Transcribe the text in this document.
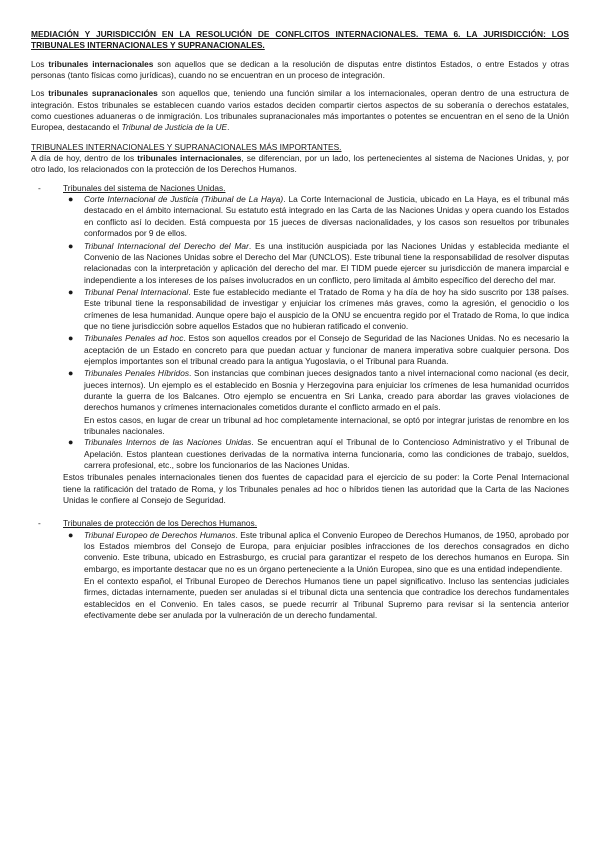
MEDIACIÓN Y JURISDICCIÓN EN LA RESOLUCIÓN DE CONFLCITOS INTERNACIONALES. TEMA 6. LA JURISDICCIÓN: LOS TRIBUNALES INTERNACIONALES Y SUPRANACIONALES.

Los tribunales internacionales son aquellos que se dedican a la resolución de disputas entre distintos Estados, o entre Estados y otras personas (tanto físicas como jurídicas), cuando no se encuentran en un proceso de integración.

Los tribunales supranacionales son aquellos que, teniendo una función similar a los internacionales, operan dentro de una estructura de integración. Estos tribunales se establecen cuando varios estados deciden compartir ciertos aspectos de su soberanía o derechos estatales, como cuestiones aduaneras o de inmigración. Los tribunales supranacionales más importantes o potentes se encuentran en el seno de la Unión Europea, destacando el Tribunal de Justicia de la UE.

TRIBUNALES INTERNACIONALES Y SUPRANACIONALES MÁS IMPORTANTES.

A día de hoy, dentro de los tribunales internacionales, se diferencian, por un lado, los pertenecientes al sistema de Naciones Unidas, y, por otro lado, los relacionados con la protección de los Derechos Humanos.

-	Tribunales del sistema de Naciones Unidas.
● Corte Internacional de Justicia (Tribunal de La Haya). La Corte Internacional de Justicia, ubicado en La Haya, es el tribunal más destacado en el ámbito internacional. Su estatuto está integrado en las Carta de las Naciones Unidas y opera cuando los Estados en conflicto así lo deciden. Está compuesta por 15 jueces de diversas nacionalidades, y los casos son resueltos por tribunales conformados por 9 de ellos.
● Tribunal Internacional del Derecho del Mar. Es una institución auspiciada por las Naciones Unidas y establecida mediante el Convenio de las Naciones Unidas sobre el Derecho del Mar (UNCLOS). Este tribunal tiene la responsabilidad de resolver disputas relacionadas con la interpretación y aplicación del derecho del mar. El TIDM puede ejercer su jurisdicción de manera imparcial e independiente a los intereses de los países involucrados en un conflicto, pero limitada al ámbito específico del derecho del mar.
● Tribunal Penal Internacional. Este fue establecido mediante el Tratado de Roma y ha día de hoy ha sido suscrito por 138 países. Este tribunal tiene la responsabilidad de investigar y enjuiciar los crímenes más graves, como la agresión, el genocidio o los crímenes de lesa humanidad. Aunque opere bajo el auspicio de la ONU se encuentra regido por el Tratado de Roma, lo que indica que no tiene jurisdicción sobre aquellos Estados que no hubieran ratificado el convenio.
● Tribunales Penales ad hoc. Estos son aquellos creados por el Consejo de Seguridad de las Naciones Unidas. No es necesario la aceptación de un Estado en concreto para que puedan actuar y funcionar de manera imperativa sobre cualquier persona. Dos ejemplos importantes son el tribunal creado para la antigua Yugoslavia, o el Tribunal para Ruanda.
● Tribunales Penales Híbridos. Son instancias que combinan jueces designados tanto a nivel internacional como nacional (es decir, jueces internos). Un ejemplo es el establecido en Bosnia y Herzegovina para enjuiciar los crímenes de lesa humanidad ocurridos durante la guerra de los Balcanes. Otro ejemplo se encuentra en Sri Lanka, creado para abordar las graves violaciones de derechos humanos y crímenes internacionales cometidos durante el conflicto armado en el país.
En estos casos, en lugar de crear un tribunal ad hoc completamente internacional, se optó por integrar juristas de renombre en los tribunales nacionales.
● Tribunales Internos de las Naciones Unidas. Se encuentran aquí el Tribunal de lo Contencioso Administrativo y el Tribunal de Apelación. Estos plantean cuestiones derivadas de la normativa interna funcionaria, como las condiciones de trabajo, sueldos, carrera profesional, etc., sobre los funcionarios de las Naciones Unidas.
Estos tribunales penales internacionales tienen dos fuentes de capacidad para el ejercicio de su poder: la Corte Penal Internacional tiene la ratificación del tratado de Roma, y los Tribunales penales ad hoc o híbridos tienen las autoridad que la Carta de las Naciones Unidas le confiere al Consejo de Seguridad.
-	Tribunales de protección de los Derechos Humanos.
● Tribunal Europeo de Derechos Humanos. Este tribunal aplica el Convenio Europeo de Derechos Humanos, de 1950, aprobado por los Estados miembros del Consejo de Europa, para enjuiciar posibles infracciones de los derechos consagrados en dicho convenio. Este tribuna, ubicado en Estrasburgo, es crucial para garantizar el respeto de los derechos humanos en Europa. Sin embargo, es importante destacar que no es un órgano perteneciente a la Unión Europea, sino que es una entidad independiente.
En el contexto español, el Tribunal Europeo de Derechos Humanos tiene un papel significativo. Incluso las sentencias judiciales firmes, dictadas internamente, pueden ser anuladas si el tribunal dicta una sentencia que contradice los derechos fundamentales establecidos en el Convenio. En tales casos, se puede recurrir al Tribunal Supremo para revisar si la sentencia anterior efectivamente debe ser anulada por la vulneración de un derecho fundamental.
